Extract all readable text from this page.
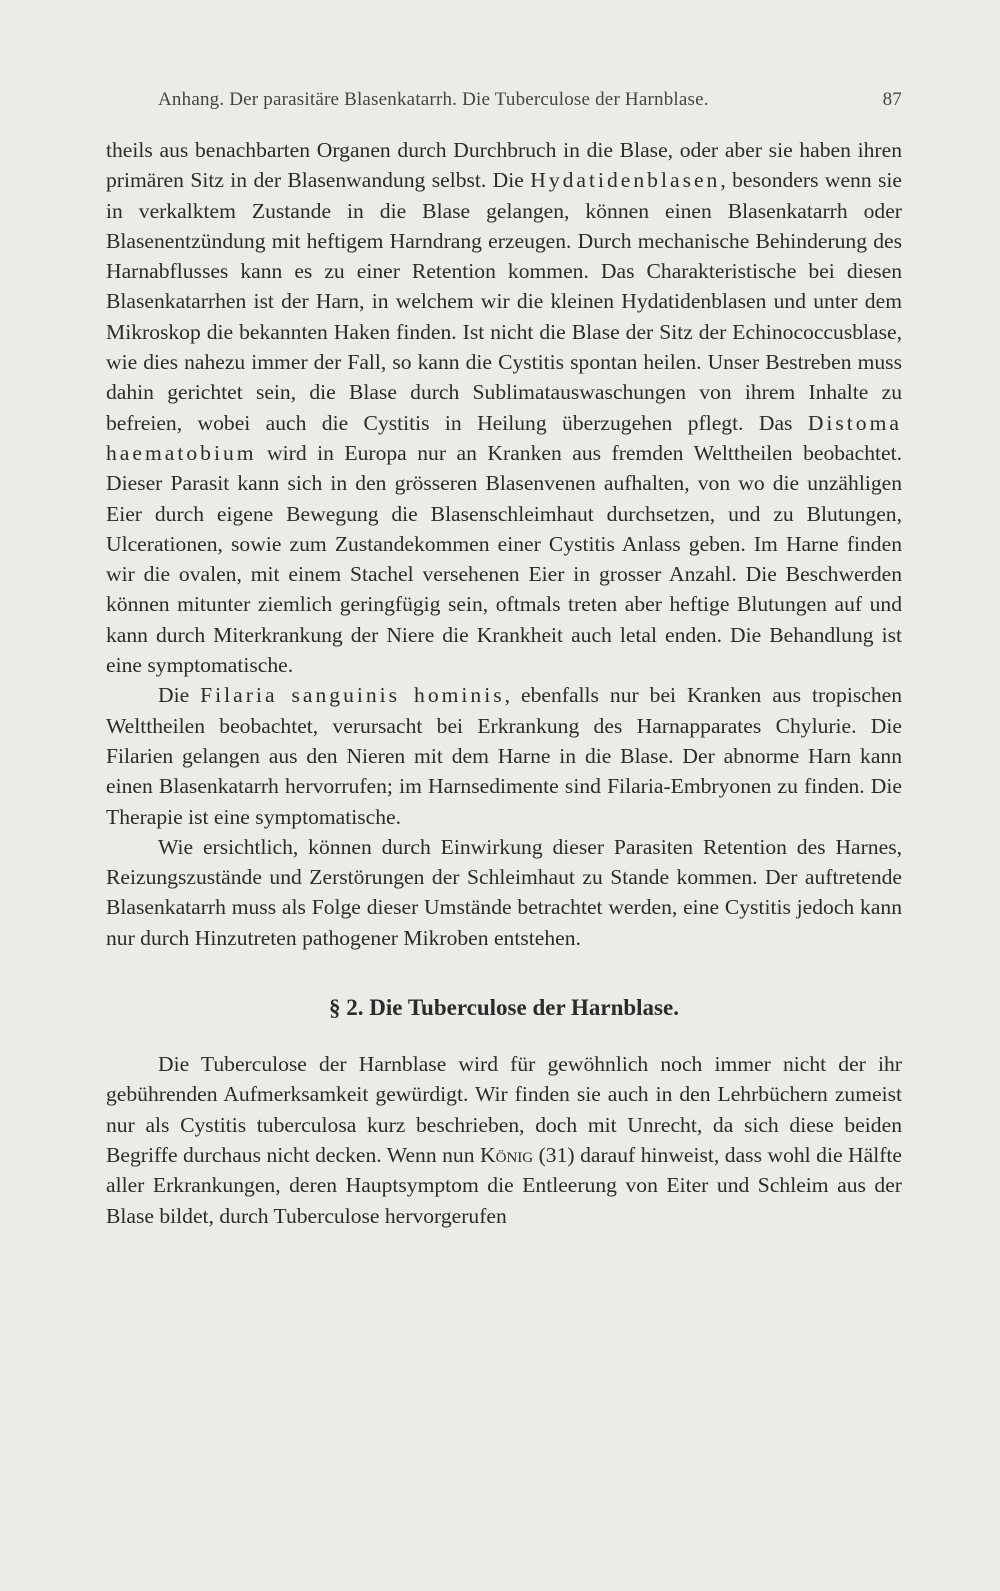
Anhang. Der parasitäre Blasenkatarrh. Die Tuberculose der Harnblase.	87

theils aus benachbarten Organen durch Durchbruch in die Blase, oder aber sie haben ihren primären Sitz in der Blasenwandung selbst. Die Hydatidenblasen, besonders wenn sie in verkalktem Zustande in die Blase gelangen, können einen Blasenkatarrh oder Blasenentzündung mit heftigem Harndrang erzeugen. Durch mechanische Behinderung des Harnabflusses kann es zu einer Retention kommen. Das Charakteristische bei diesen Blasenkatarrhen ist der Harn, in welchem wir die kleinen Hydatidenblasen und unter dem Mikroskop die bekannten Haken finden. Ist nicht die Blase der Sitz der Echinococcusblase, wie dies nahezu immer der Fall, so kann die Cystitis spontan heilen. Unser Bestreben muss dahin gerichtet sein, die Blase durch Sublimatauswaschungen von ihrem Inhalte zu befreien, wobei auch die Cystitis in Heilung überzugehen pflegt. Das Distoma haematobium wird in Europa nur an Kranken aus fremden Welttheilen beobachtet. Dieser Parasit kann sich in den grösseren Blasenvenen aufhalten, von wo die unzähligen Eier durch eigene Bewegung die Blasenschleimhaut durchsetzen, und zu Blutungen, Ulcerationen, sowie zum Zustandekommen einer Cystitis Anlass geben. Im Harne finden wir die ovalen, mit einem Stachel versehenen Eier in grosser Anzahl. Die Beschwerden können mitunter ziemlich geringfügig sein, oftmals treten aber heftige Blutungen auf und kann durch Miterkrankung der Niere die Krankheit auch letal enden. Die Behandlung ist eine symptomatische.

Die Filaria sanguinis hominis, ebenfalls nur bei Kranken aus tropischen Welttheilen beobachtet, verursacht bei Erkrankung des Harnapparates Chylurie. Die Filarien gelangen aus den Nieren mit dem Harne in die Blase. Der abnorme Harn kann einen Blasenkatarrh hervorrufen; im Harnsedimente sind Filaria-Embryonen zu finden. Die Therapie ist eine symptomatische.

Wie ersichtlich, können durch Einwirkung dieser Parasiten Retention des Harnes, Reizungszustände und Zerstörungen der Schleimhaut zu Stande kommen. Der auftretende Blasenkatarrh muss als Folge dieser Umstände betrachtet werden, eine Cystitis jedoch kann nur durch Hinzutreten pathogener Mikroben entstehen.

§ 2. Die Tuberculose der Harnblase.

Die Tuberculose der Harnblase wird für gewöhnlich noch immer nicht der ihr gebührenden Aufmerksamkeit gewürdigt. Wir finden sie auch in den Lehrbüchern zumeist nur als Cystitis tuberculosa kurz beschrieben, doch mit Unrecht, da sich diese beiden Begriffe durchaus nicht decken. Wenn nun König (31) darauf hinweist, dass wohl die Hälfte aller Erkrankungen, deren Hauptsymptom die Entleerung von Eiter und Schleim aus der Blase bildet, durch Tuberculose hervorgerufen
